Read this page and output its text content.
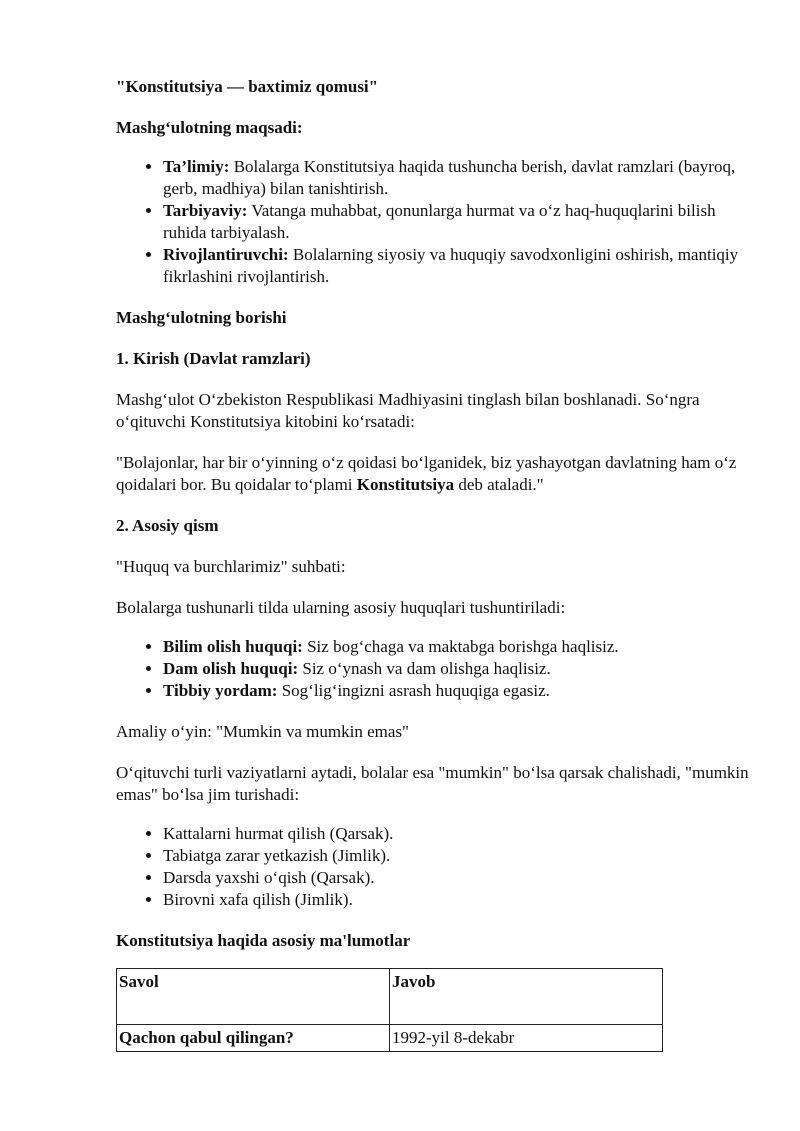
"Konstitutsiya — baxtimiz qomusi"

Mashg‘ulotning maqsadi:

• Ta’limiy: Bolalarga Konstitutsiya haqida tushuncha berish, davlat ramzlari (bayroq, gerb, madhiya) bilan tanishtirish.
• Tarbiyaviy: Vatanga muhabbat, qonunlarga hurmat va o‘z haq-huquqlarini bilish ruhida tarbiyalash.
• Rivojlantiruvchi: Bolalarning siyosiy va huquqiy savodxonligini oshirish, mantiqiy fikrlashini rivojlantirish.

Mashg‘ulotning borishi

1. Kirish (Davlat ramzlari)

Mashg‘ulot O‘zbekiston Respublikasi Madhiyasini tinglash bilan boshlanadi. So‘ngra o‘qituvchi Konstitutsiya kitobini ko‘rsatadi:

"Bolajonlar, har bir o‘yinning o‘z qoidasi bo‘lganidek, biz yashayotgan davlatning ham o‘z qoidalari bor. Bu qoidalar to‘plami Konstitutsiya deb ataladi."

2. Asosiy qism

"Huquq va burchlarimiz" suhbati:

Bolalarga tushunarli tilda ularning asosiy huquqlari tushuntiriladi:

• Bilim olish huquqi: Siz bog‘chaga va maktabga borishga haqlisiz.
• Dam olish huquqi: Siz o‘ynash va dam olishga haqlisiz.
• Tibbiy yordam: Sog‘lig‘ingizni asrash huquqiga egasiz.

Amaliy o‘yin: "Mumkin va mumkin emas"

O‘qituvchi turli vaziyatlarni aytadi, bolalar esa "mumkin" bo‘lsa qarsak chalishadi, "mumkin emas" bo‘lsa jim turishadi:

• Kattalarni hurmat qilish (Qarsak).
• Tabiatga zarar yetkazish (Jimlik).
• Darsda yaxshi o‘qish (Qarsak).
• Birovni xafa qilish (Jimlik).

Konstitutsiya haqida asosiy ma'lumotlar

Savol	Javob
Qachon qabul qilingan?	1992-yil 8-dekabr
